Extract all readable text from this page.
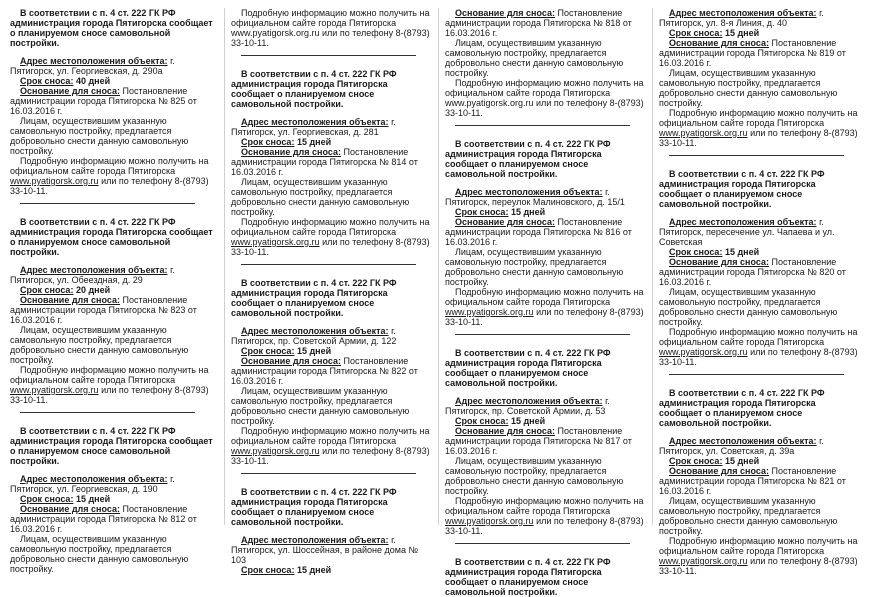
В соответствии с п. 4 ст. 222 ГК РФ администрация города Пятигорска сообщает о планируемом сносе самовольной постройки.

Адрес местоположения объекта: г. Пятигорск, ул. Георгиевская, д. 290а

Срок сноса: 40 дней

Основание для сноса: Постановление администрации города Пятигорска № 825 от 16.03.2016 г.

Лицам, осуществившим указанную самовольную постройку, предлагается добровольно снести данную самовольную постройку.

Подробную информацию можно получить на официальном сайте города Пятигорска www.pyatigorsk.org.ru или по телефону 8-(8793) 33-10-11.

В соответствии с п. 4 ст. 222 ГК РФ администрация города Пятигорска сообщает о планируемом сносе самовольной постройки.

Адрес местоположения объекта: г. Пятигорск, ул. Обеездная, д. 29

Срок сноса: 20 дней

Основание для сноса: Постановление администрации города Пятигорска № 823 от 16.03.2016 г.

Лицам, осуществившим указанную самовольную постройку, предлагается добровольно снести данную самовольную постройку.

Подробную информацию можно получить на официальном сайте города Пятигорска www.pyatigorsk.org.ru или по телефону 8-(8793) 33-10-11.

В соответствии с п. 4 ст. 222 ГК РФ администрация города Пятигорска сообщает о планируемом сносе самовольной постройки.

Адрес местоположения объекта: г. Пятигорск, ул. Георгиевская, д. 190

Срок сноса: 15 дней

Основание для сноса: Постановление администрации города Пятигорска № 812 от 16.03.2016 г.

Лицам, осуществившим указанную самовольную постройку, предлагается добровольно снести данную самовольную постройку.

Подробную информацию можно получить на официальном сайте города Пятигорска www.pyatigorsk.org.ru или по телефону 8-(8793) 33-10-11.

В соответствии с п. 4 ст. 222 ГК РФ администрация города Пятигорска сообщает о планируемом сносе самовольной постройки.

Адрес местоположения объекта: г. Пятигорск, ул. Георгиевская, д. 281

Срок сноса: 15 дней

Основание для сноса: Постановление администрации города Пятигорска № 814 от 16.03.2016 г.

Лицам, осуществившим указанную самовольную постройку, предлагается добровольно снести данную самовольную постройку.

Подробную информацию можно получить на официальном сайте города Пятигорска www.pyatigorsk.org.ru или по телефону 8-(8793) 33-10-11.

В соответствии с п. 4 ст. 222 ГК РФ администрация города Пятигорска сообщает о планируемом сносе самовольной постройки.

Адрес местоположения объекта: г. Пятигорск, пр. Советской Армии, д. 122

Срок сноса: 15 дней

Основание для сноса: Постановление администрации города Пятигорска № 822 от 16.03.2016 г.

Лицам, осуществившим указанную самовольную постройку, предлагается добровольно снести данную самовольную постройку.

Подробную информацию можно получить на официальном сайте города Пятигорска www.pyatigorsk.org.ru или по телефону 8-(8793) 33-10-11.

В соответствии с п. 4 ст. 222 ГК РФ администрация города Пятигорска сообщает о планируемом сносе самовольной постройки.

Адрес местоположения объекта: г. Пятигорск, ул. Шоссейная, в районе дома № 103

Срок сноса: 15 дней

Основание для сноса: Постановление администрации города Пятигорска № 818 от 16.03.2016 г.

Лицам, осуществившим указанную самовольную постройку, предлагается добровольно снести данную самовольную постройку.

Подробную информацию можно получить на официальном сайте города Пятигорска www.pyatigorsk.org.ru или по телефону 8-(8793) 33-10-11.

В соответствии с п. 4 ст. 222 ГК РФ администрация города Пятигорска сообщает о планируемом сносе самовольной постройки.

Адрес местоположения объекта: г. Пятигорск, переулок Малиновского, д. 15/1

Срок сноса: 15 дней

Основание для сноса: Постановление администрации города Пятигорска № 816 от 16.03.2016 г.

Лицам, осуществившим указанную самовольную постройку, предлагается добровольно снести данную самовольную постройку.

Подробную информацию можно получить на официальном сайте города Пятигорска www.pyatigorsk.org.ru или по телефону 8-(8793) 33-10-11.

В соответствии с п. 4 ст. 222 ГК РФ администрация города Пятигорска сообщает о планируемом сносе самовольной постройки.

Адрес местоположения объекта: г. Пятигорск, пр. Советской Армии, д. 53

Срок сноса: 15 дней

Основание для сноса: Постановление администрации города Пятигорска № 817 от 16.03.2016 г.

Лицам, осуществившим указанную самовольную постройку, предлагается добровольно снести данную самовольную постройку.

Подробную информацию можно получить на официальном сайте города Пятигорска www.pyatigorsk.org.ru или по телефону 8-(8793) 33-10-11.

В соответствии с п. 4 ст. 222 ГК РФ администрация города Пятигорска сообщает о планируемом сносе самовольной постройки.

Адрес местоположения объекта: г. Пятигорск, ул. 8-я Линия, д. 40

Срок сноса: 15 дней

Основание для сноса: Постановление администрации города Пятигорска № 819 от 16.03.2016 г.

Лицам, осуществившим указанную самовольную постройку, предлагается добровольно снести данную самовольную постройку.

Подробную информацию можно получить на официальном сайте города Пятигорска www.pyatigorsk.org.ru или по телефону 8-(8793) 33-10-11.

В соответствии с п. 4 ст. 222 ГК РФ администрация города Пятигорска сообщает о планируемом сносе самовольной постройки.

Адрес местоположения объекта: г. Пятигорск, пересечение ул. Чапаева и ул. Советская

Срок сноса: 15 дней

Основание для сноса: Постановление администрации города Пятигорска № 820 от 16.03.2016 г.

Лицам, осуществившим указанную самовольную постройку, предлагается добровольно снести данную самовольную постройку.

Подробную информацию можно получить на официальном сайте города Пятигорска www.pyatigorsk.org.ru или по телефону 8-(8793) 33-10-11.

В соответствии с п. 4 ст. 222 ГК РФ администрация города Пятигорска сообщает о планируемом сносе самовольной постройки.

Адрес местоположения объекта: г. Пятигорск, ул. Советская, д. 39а

Срок сноса: 15 дней

Основание для сноса: Постановление администрации города Пятигорска № 821 от 16.03.2016 г.

Лицам, осуществившим указанную самовольную постройку, предлагается добровольно снести данную самовольную постройку.

Подробную информацию можно получить на официальном сайте города Пятигорска www.pyatigorsk.org.ru или по телефону 8-(8793) 33-10-11.
